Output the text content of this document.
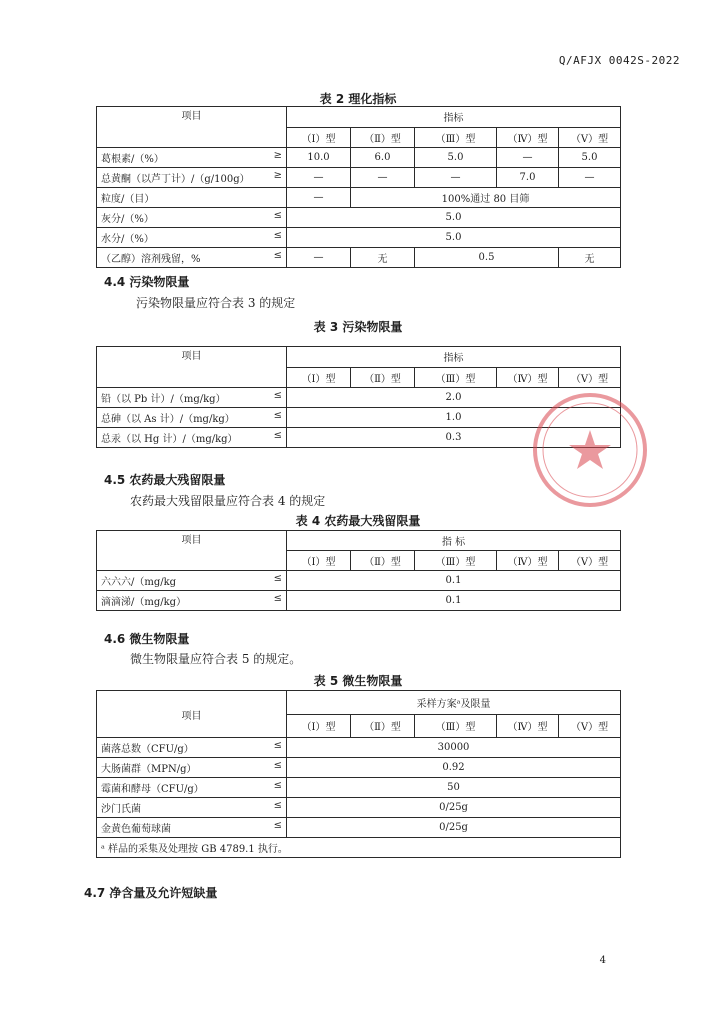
Q/AFJX 0042S-2022
表 2 理化指标
项目	指标				
	（Ⅰ）型	（Ⅱ）型	（Ⅲ）型	（Ⅳ）型	（Ⅴ）型
葛根素/（%） ≥	10.0	6.0	5.0	—	5.0
总黄酮（以芦丁计）/（g/100g） ≥	—	—	—	7.0	—
粒度/（目）	—	100%通过 80 目筛			
灰分/（%） ≤	5.0				
水分/（%） ≤	5.0				
（乙醇）溶剂残留，% ≤	—	无	0.5		无
4.4 污染物限量
污染物限量应符合表 3 的规定
表 3 污染物限量
项目	指标				
	（Ⅰ）型	（Ⅱ）型	（Ⅲ）型	（Ⅳ）型	（Ⅴ）型
铅（以 Pb 计）/（mg/kg） ≤	2.0				
总砷（以 As 计）/（mg/kg） ≤	1.0				
总汞（以 Hg 计）/（mg/kg） ≤	0.3				
4.5 农药最大残留限量
农药最大残留限量应符合表 4 的规定
表 4 农药最大残留限量
项目	指 标				
	（Ⅰ）型	（Ⅱ）型	（Ⅲ）型	（Ⅳ）型	（Ⅴ）型
六六六/（mg/kg ≤	0.1				
滴滴涕/（mg/kg） ≤	0.1				
4.6 微生物限量
微生物限量应符合表 5 的规定。
表 5 微生物限量
项目	采样方案ᵃ及限量				
	（Ⅰ）型	（Ⅱ）型	（Ⅲ）型	（Ⅳ）型	（Ⅴ）型
菌落总数（CFU/g） ≤	30000				
大肠菌群（MPN/g） ≤	0.92				
霉菌和酵母（CFU/g） ≤	50				
沙门氏菌 ≤	0/25g				
金黄色葡萄球菌 ≤	0/25g				
ᵃ 样品的采集及处理按 GB 4789.1 执行。					
4.7 净含量及允许短缺量
4
